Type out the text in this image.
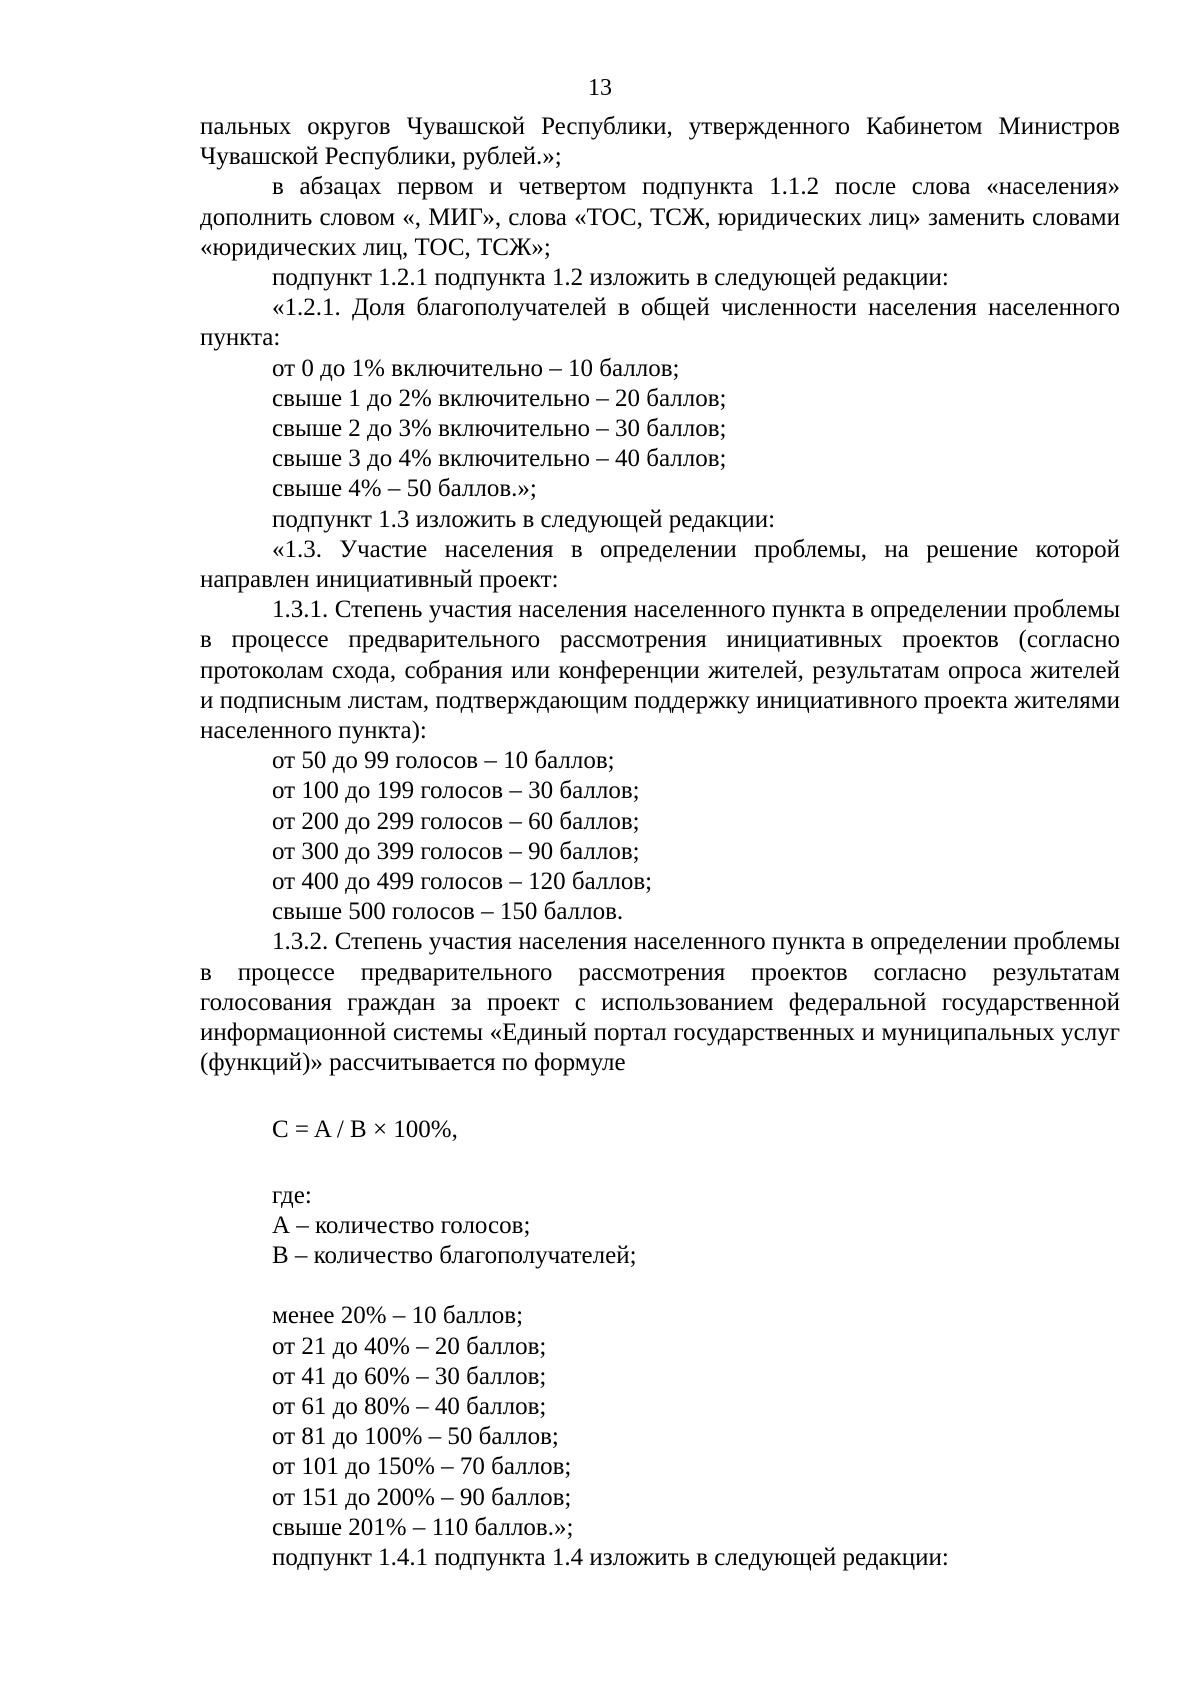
13

пальных округов Чувашской Республики, утвержденного Кабинетом Министров Чувашской Республики, рублей.»;

в абзацах первом и четвертом подпункта 1.1.2 после слова «населения» дополнить словом «, МИГ», слова «ТОС, ТСЖ, юридических лиц» заменить словами «юридических лиц, ТОС, ТСЖ»;

подпункт 1.2.1 подпункта 1.2 изложить в следующей редакции:

«1.2.1. Доля благополучателей в общей численности населения населенного пункта:

от 0 до 1% включительно – 10 баллов;
свыше 1 до 2% включительно – 20 баллов;
свыше 2 до 3% включительно – 30 баллов;
свыше 3 до 4% включительно – 40 баллов;
свыше 4% – 50 баллов.»;
подпункт 1.3 изложить в следующей редакции:

«1.3. Участие населения в определении проблемы, на решение которой направлен инициативный проект:

1.3.1. Степень участия населения населенного пункта в определении проблемы в процессе предварительного рассмотрения инициативных проектов (согласно протоколам схода, собрания или конференции жителей, результатам опроса жителей и подписным листам, подтверждающим поддержку инициативного проекта жителями населенного пункта):

от 50 до 99 голосов – 10 баллов;
от 100 до 199 голосов – 30 баллов;
от 200 до 299 голосов – 60 баллов;
от 300 до 399 голосов – 90 баллов;
от 400 до 499 голосов – 120 баллов;
свыше 500 голосов – 150 баллов.

1.3.2. Степень участия населения населенного пункта в определении проблемы в процессе предварительного рассмотрения проектов согласно результатам голосования граждан за проект с использованием федеральной государственной информационной системы «Единый портал государственных и муниципальных услуг (функций)» рассчитывается по формуле

C = A / B × 100%,
где:
А – количество голосов;
В – количество благополучателей;
менее 20% – 10 баллов;
от 21 до 40% – 20 баллов;
от 41 до 60% – 30 баллов;
от 61 до 80% – 40 баллов;
от 81 до 100% – 50 баллов;
от 101 до 150% – 70 баллов;
от 151 до 200% – 90 баллов;
свыше 201% – 110 баллов.»;
подпункт 1.4.1 подпункта 1.4 изложить в следующей редакции:
